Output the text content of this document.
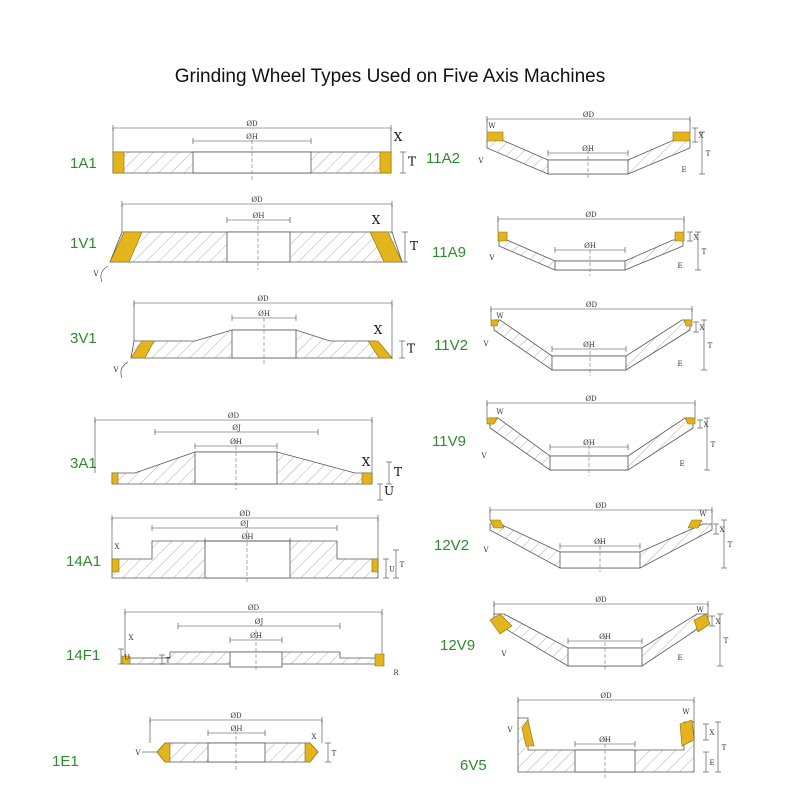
Grinding Wheel Types Used on Five Axis Machines
1A1
ØD
ØH	X
T
1V1
ØD
ØH	X
T
V
3V1
ØD
ØH
X
T
V
3A1
ØD
ØJ
ØH
X
T
U
14A1
ØD
ØJ
ØH
X
U
T
14F1
ØD
ØJ
ØH
X
U	T
R
1E1
ØD
ØH
X
T
V
11A2
ØD
ØH
W
T
X
V
E
11A9
ØD
ØH
T
X
V
E
11V2
ØD
ØH
W
T
X
V
E
11V9
ØD
ØH
W
T
X
V
E
12V2
ØD
ØH
W
T
X
V
12V9
ØD
ØH
W
T
X
V	E
6V5
ØD
ØH
W
T
X
E
V
